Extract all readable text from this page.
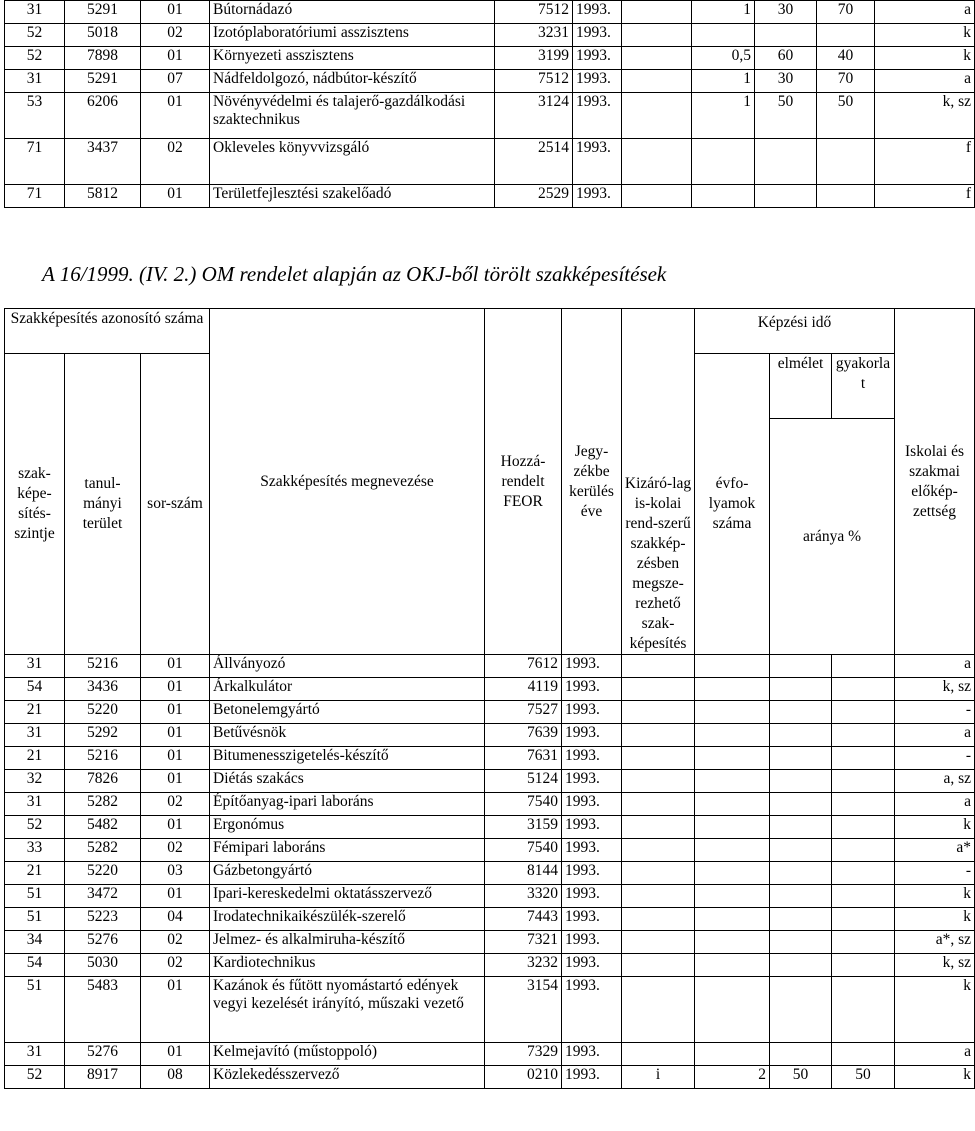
31	5291	01	Bútornádazó	7512	1993.		1	30	70	a
52	5018	02	Izotóplaboratóriumi asszisztens	3231	1993.					k
52	7898	01	Környezeti asszisztens	3199	1993.		0,5	60	40	k
31	5291	07	Nádfeldolgozó, nádbútor-készítő	7512	1993.		1	30	70	a
53	6206	01	Növényvédelmi és talajerő-gazdálkodási szaktechnikus	3124	1993.		1	50	50	k, sz
71	3437	02	Okleveles könyvvizsgáló	2514	1993.					f
71	5812	01	Területfejlesztési szakelőadó	2529	1993.					f
A 16/1999. (IV. 2.) OM rendelet alapján az OKJ-ből törölt szakképesítések
Szakképesítés azonosító száma			Szakképesítés megnevezése	Hozzá-rendelt FEOR	Jegy-zékbe kerülés éve	Kizáró-lag is-kolai rend-szerű szakkép-zésben megsze-rezhető szak-képesítés	Képzési idő			Iskolai és szakmai előkép-zettség
szak-képe-sítés-szintje	tanul-mányi terület	sor-szám					évfo-lyamok száma	elmélet	gyakorla t	
								aránya %		
31	5216	01	Állványozó	7612	1993.					a
54	3436	01	Árkalkulátor	4119	1993.					k, sz
21	5220	01	Betonelemgyártó	7527	1993.					-
31	5292	01	Betűvésnök	7639	1993.					a
21	5216	01	Bitumenesszigetelés-készítő	7631	1993.					-
32	7826	01	Diétás szakács	5124	1993.					a, sz
31	5282	02	Építőanyag-ipari laboráns	7540	1993.					a
52	5482	01	Ergonómus	3159	1993.					k
33	5282	02	Fémipari laboráns	7540	1993.					a*
21	5220	03	Gázbetongyártó	8144	1993.					-
51	3472	01	Ipari-kereskedelmi oktatásszervező	3320	1993.					k
51	5223	04	Irodatechnikaikészülék-szerelő	7443	1993.					k
34	5276	02	Jelmez- és alkalmiruha-készítő	7321	1993.					a*, sz
54	5030	02	Kardiotechnikus	3232	1993.					k, sz
51	5483	01	Kazánok és fűtött nyomástartó edények vegyi kezelését irányító, műszaki vezető	3154	1993.					k
31	5276	01	Kelmejavító (műstoppoló)	7329	1993.					a
52	8917	08	Közlekedésszervező	0210	1993.	i	2	50	50	k
